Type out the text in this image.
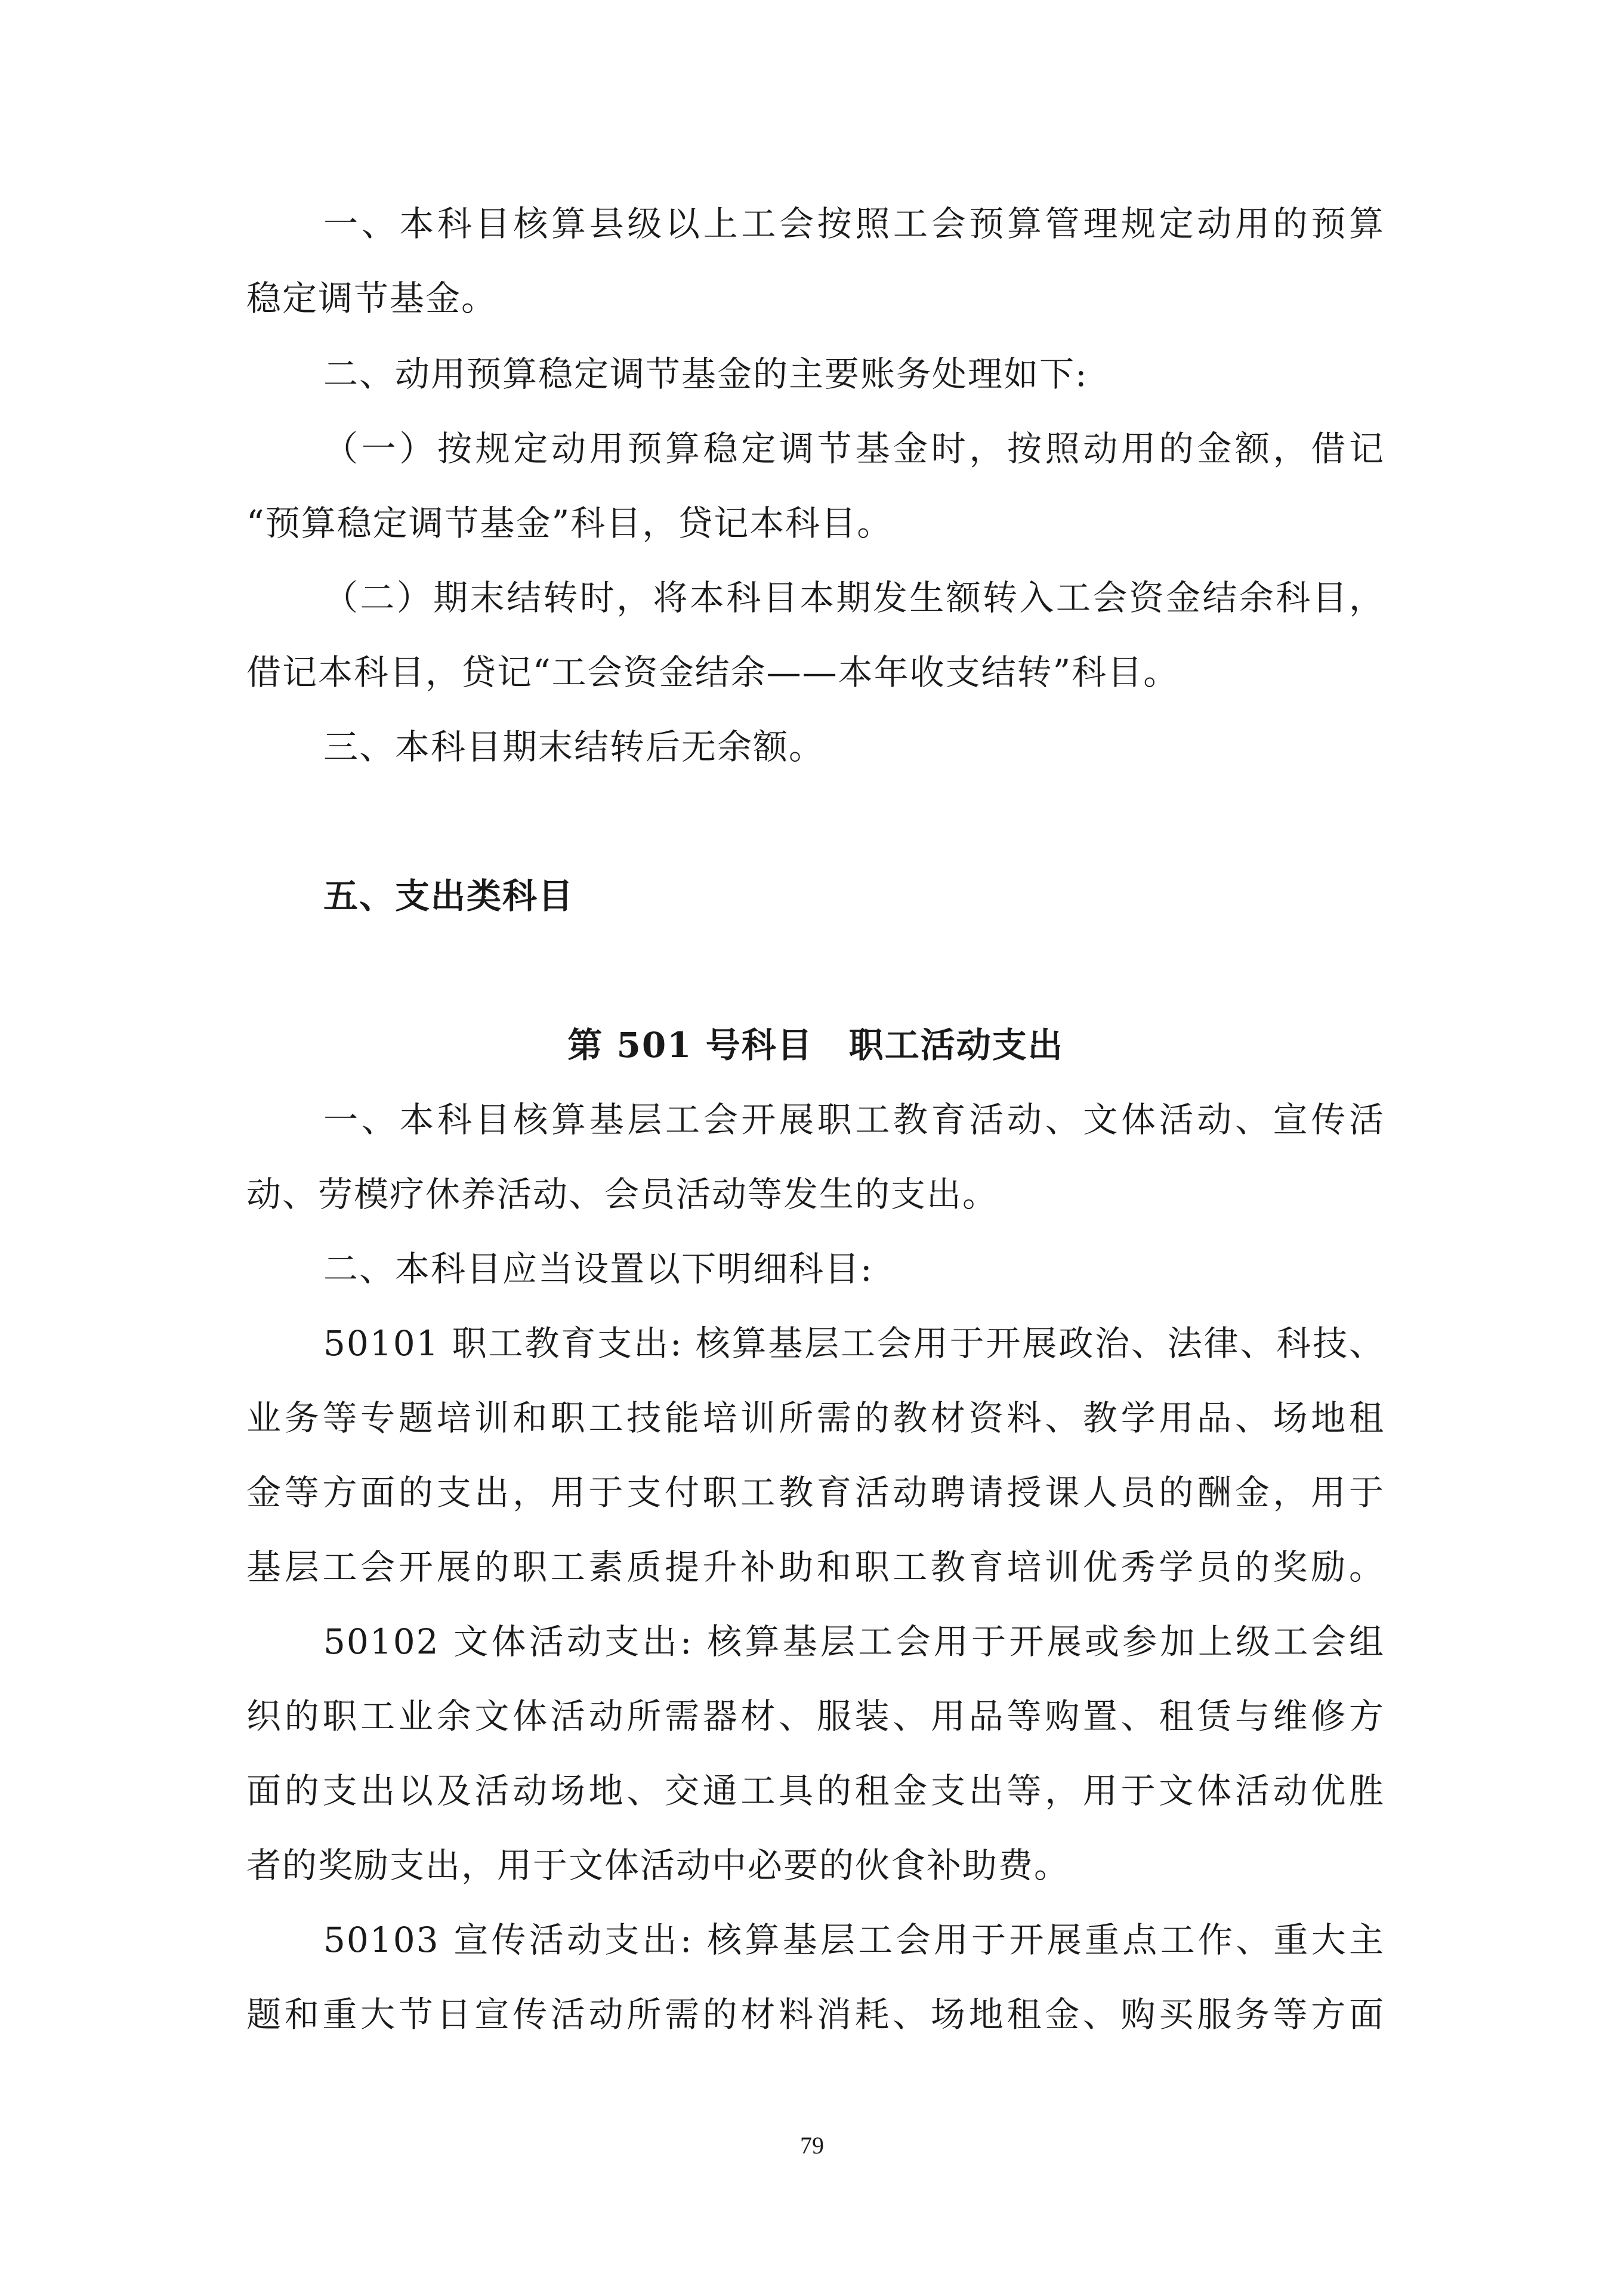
一、本科目核算县级以上工会按照工会预算管理规定动用的预算
稳定调节基金。
二、动用预算稳定调节基金的主要账务处理如下:
（一）按规定动用预算稳定调节基金时，按照动用的金额，借记
“预算稳定调节基金”科目，贷记本科目。
（二）期末结转时，将本科目本期发生额转入工会资金结余科目，
借记本科目，贷记“工会资金结余——本年收支结转”科目。
三、本科目期末结转后无余额。
五、支出类科目
第 501 号科目　职工活动支出
一、本科目核算基层工会开展职工教育活动、文体活动、宣传活
动、劳模疗休养活动、会员活动等发生的支出。
二、本科目应当设置以下明细科目:
50101 职工教育支出: 核算基层工会用于开展政治、法律、科技、
业务等专题培训和职工技能培训所需的教材资料、教学用品、场地租
金等方面的支出，用于支付职工教育活动聘请授课人员的酬金，用于
基层工会开展的职工素质提升补助和职工教育培训优秀学员的奖励。
50102 文体活动支出: 核算基层工会用于开展或参加上级工会组
织的职工业余文体活动所需器材、服装、用品等购置、租赁与维修方
面的支出以及活动场地、交通工具的租金支出等，用于文体活动优胜
者的奖励支出，用于文体活动中必要的伙食补助费。
50103 宣传活动支出: 核算基层工会用于开展重点工作、重大主
题和重大节日宣传活动所需的材料消耗、场地租金、购买服务等方面
79
